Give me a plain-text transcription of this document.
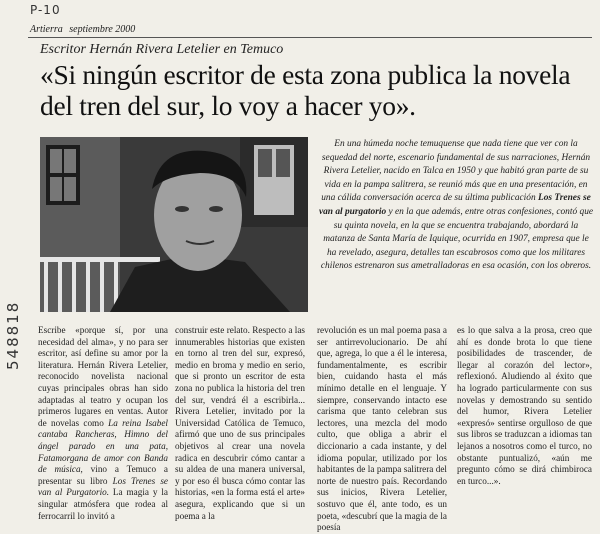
P-10
Artierra septiembre 2000
Escritor Hernán Rivera Letelier en Temuco
«Si ningún escritor de esta zona publica la novela del tren del sur, lo voy a hacer yo».
548818
En una húmeda noche temuquense que nada tiene que ver con la sequedad del norte, escenario fundamental de sus narraciones, Hernán Rivera Letelier, nacido en Talca en 1950 y que habitó gran parte de su vida en la pampa salitrera, se reunió más que en una presentación, en una cálida conversación acerca de su última publicación Los Trenes se van al purgatorio y en la que además, entre otras confesiones, contó que su quinta novela, en la que se encuentra trabajando, abordará la matanza de Santa María de Iquique, ocurrida en 1907, empresa que le ha revelado, asegura, detalles tan escabrosos como que los militares chilenos estrenaron sus ametralladoras en esa ocasión, con los obreros.
Escribe «porque sí, por una necesidad del alma», y no para ser escritor, así define su amor por la literatura. Hernán Rivera Letelier, reconocido novelista nacional cuyas principales obras han sido adaptadas al teatro y ocupan los primeros lugares en ventas. Autor de novelas como La reina Isabel cantaba Rancheras, Himno del ángel parado en una pata, Fatamorgana de amor con Banda de música, vino a Temuco a presentar su libro Los Trenes se van al Purgatorio. La magia y la singular atmósfera que rodea al ferrocarril lo invitó a
construir este relato. Respecto a las innumerables historias que existen en torno al tren del sur, expresó, medio en broma y medio en serio, que si pronto un escritor de esta zona no publica la historia del tren del sur, vendrá él a escribirla... Rivera Letelier, invitado por la Universidad Católica de Temuco, afirmó que uno de sus principales objetivos al crear una novela radica en descubrir cómo cantar a su aldea de una manera universal, y por eso él busca cómo contar las historias, «en la forma está el arte» asegura, explicando que si un poema a la
revolución es un mal poema pasa a ser antirrevolucionario. De ahí que, agrega, lo que a él le interesa, fundamentalmente, es escribir bien, cuidando hasta el más mínimo detalle en el lenguaje. Y siempre, conservando intacto ese carisma que tanto celebran sus lectores, una mezcla del modo culto, que obliga a abrir el diccionario a cada instante, y del idioma popular, utilizado por los habitantes de la pampa salitrera del norte de nuestro país. Recordando sus inicios, Rivera Letelier, sostuvo que él, ante todo, es un poeta, «descubrí que la magia de la poesía
es lo que salva a la prosa, creo que ahí es donde brota lo que tiene posibilidades de trascender, de llegar al corazón del lector», reflexionó. Aludiendo al éxito que ha logrado particularmente con sus novelas y demostrando su sentido del humor, Rivera Letelier «expresó» sentirse orgulloso de que sus libros se traduzcan a idiomas tan lejanos a nosotros como el turco, no obstante puntualizó, «aún me pregunto cómo se dirá chimbiroca en turco...».
